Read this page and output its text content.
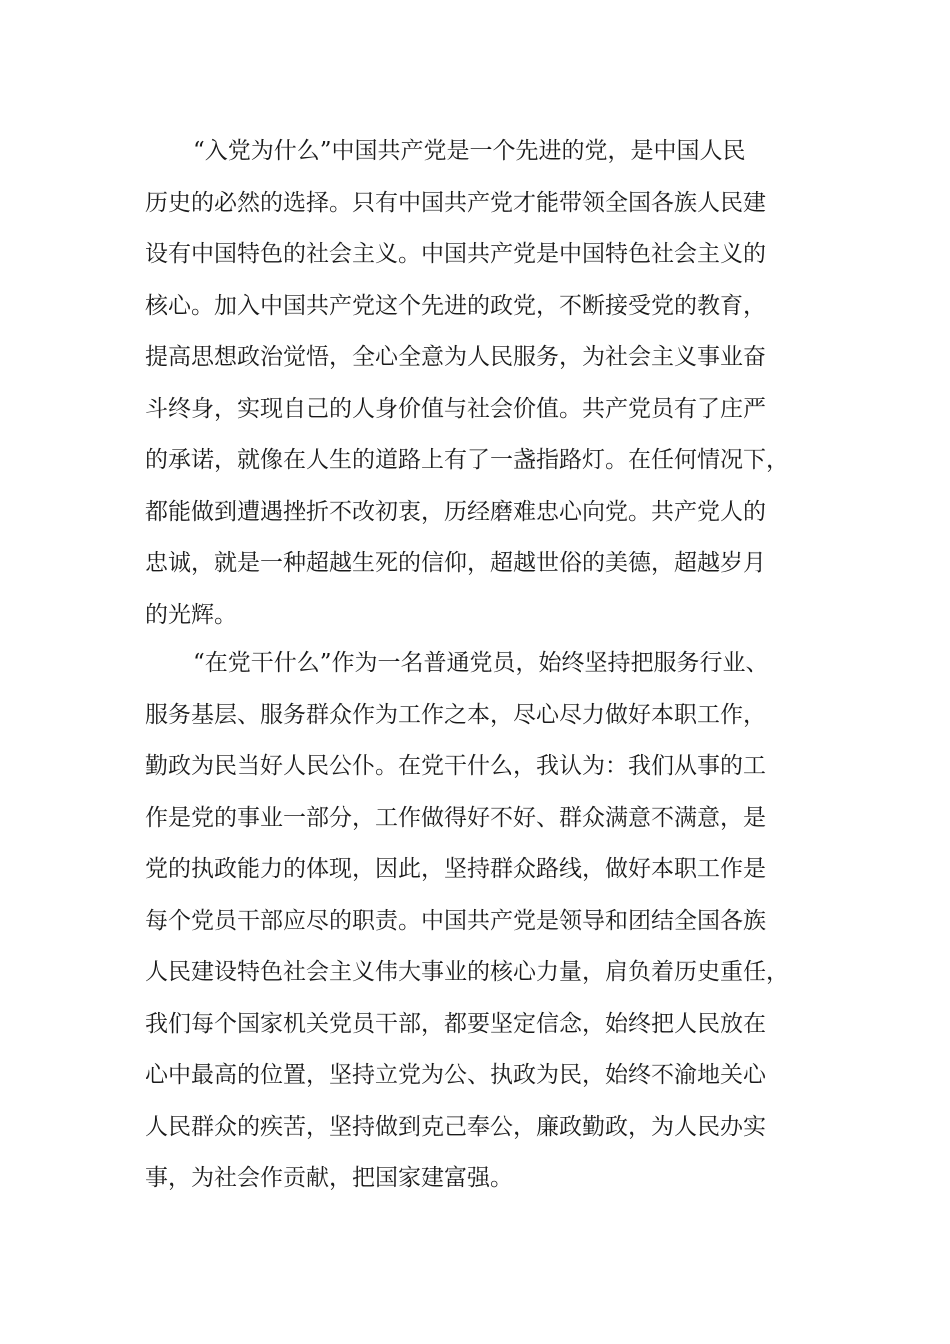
“入党为什么”中国共产党是一个先进的党，是中国人民
历史的必然的选择。只有中国共产党才能带领全国各族人民建
设有中国特色的社会主义。中国共产党是中国特色社会主义的
核心。加入中国共产党这个先进的政党，不断接受党的教育，
提高思想政治觉悟，全心全意为人民服务，为社会主义事业奋
斗终身，实现自己的人身价值与社会价值。共产党员有了庄严
的承诺，就像在人生的道路上有了一盏指路灯。在任何情况下，
都能做到遭遇挫折不改初衷，历经磨难忠心向党。共产党人的
忠诚，就是一种超越生死的信仰，超越世俗的美德，超越岁月
的光辉。
“在党干什么”作为一名普通党员，始终坚持把服务行业、
服务基层、服务群众作为工作之本，尽心尽力做好本职工作，
勤政为民当好人民公仆。在党干什么，我认为：我们从事的工
作是党的事业一部分，工作做得好不好、群众满意不满意，是
党的执政能力的体现，因此，坚持群众路线，做好本职工作是
每个党员干部应尽的职责。中国共产党是领导和团结全国各族
人民建设特色社会主义伟大事业的核心力量，肩负着历史重任，
我们每个国家机关党员干部，都要坚定信念，始终把人民放在
心中最高的位置，坚持立党为公、执政为民，始终不渝地关心
人民群众的疾苦，坚持做到克己奉公，廉政勤政，为人民办实
事，为社会作贡献，把国家建富强。
